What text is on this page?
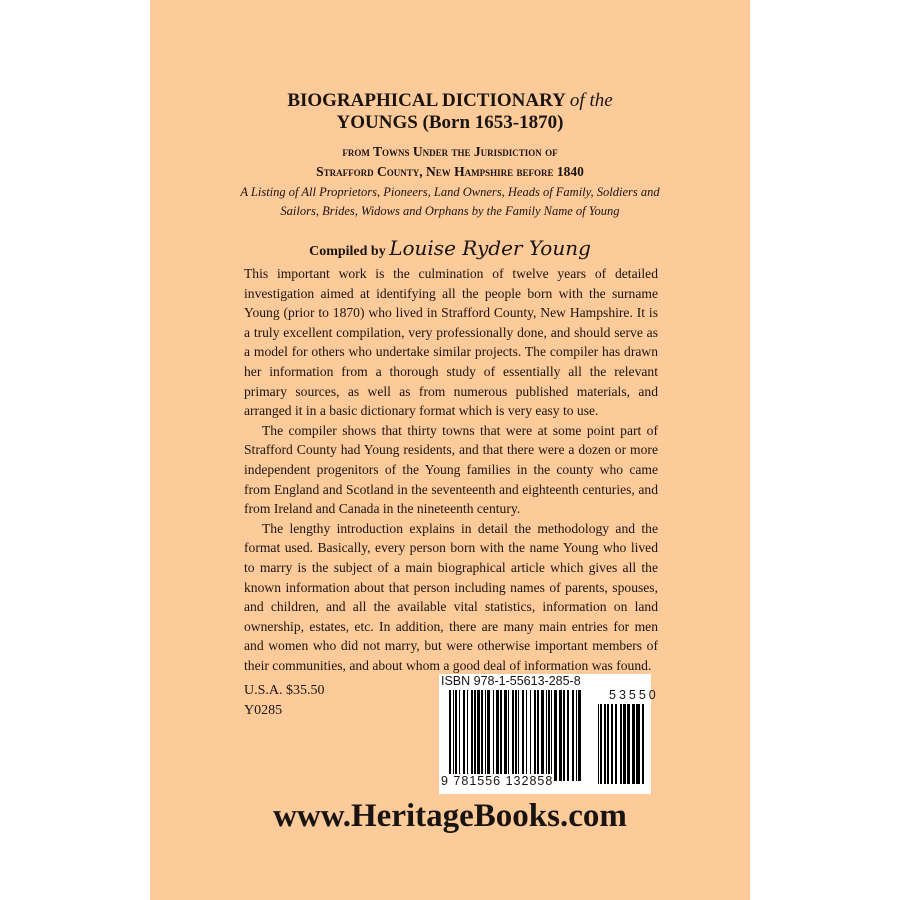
BIOGRAPHICAL DICTIONARY of the
YOUNGS (Born 1653-1870)
from Towns Under the Jurisdiction of
Strafford County, New Hampshire before 1840
A Listing of All Proprietors, Pioneers, Land Owners, Heads of Family, Soldiers and
Sailors, Brides, Widows and Orphans by the Family Name of Young
Compiled by Louise Ryder Young

This important work is the culmination of twelve years of detailed investigation aimed at identifying all the people born with the surname Young (prior to 1870) who lived in Strafford County, New Hampshire. It is a truly excellent compilation, very professionally done, and should serve as a model for others who undertake similar projects. The compiler has drawn her information from a thorough study of essentially all the relevant primary sources, as well as from numerous published materials, and arranged it in a basic dictionary format which is very easy to use.

The compiler shows that thirty towns that were at some point part of Strafford County had Young residents, and that there were a dozen or more independent progenitors of the Young families in the county who came from England and Scotland in the seventeenth and eighteenth centuries, and from Ireland and Canada in the nineteenth century.

The lengthy introduction explains in detail the methodology and the format used. Basically, every person born with the name Young who lived to marry is the subject of a main biographical article which gives all the known information about that person including names of parents, spouses, and children, and all the available vital statistics, information on land ownership, estates, etc. In addition, there are many main entries for men and women who did not marry, but were otherwise important members of their communities, and about whom a good deal of information was found.

U.S.A. $35.50
Y0285
ISBN 978-1-55613-285-8
9 781556 132858
53550
www.HeritageBooks.com
